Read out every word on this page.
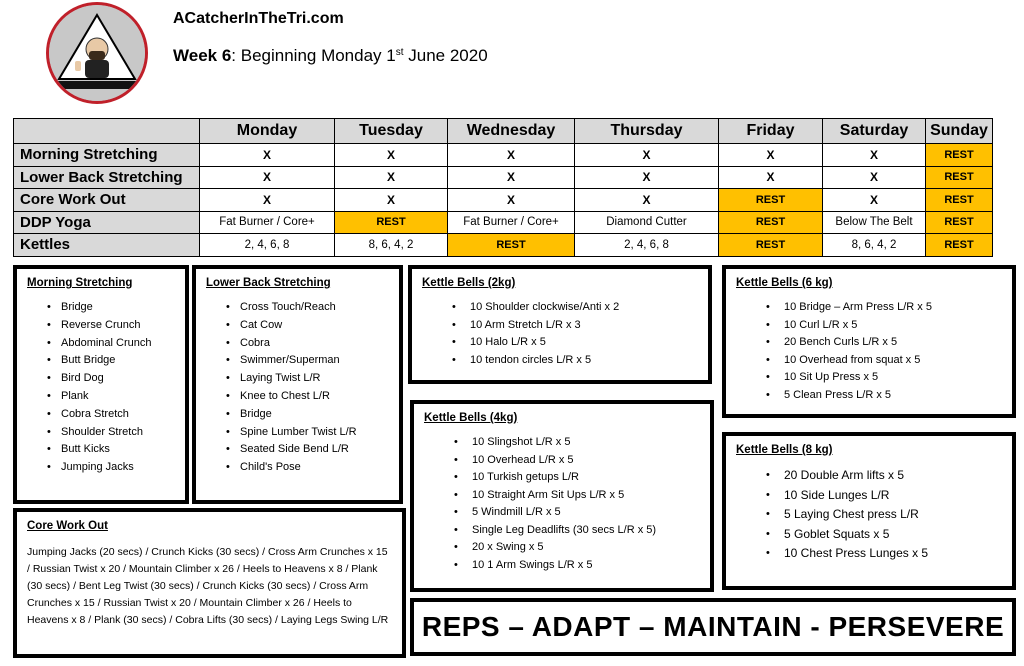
ACatcherInTheTri.com
Week 6: Beginning Monday 1st June 2020
	Monday	Tuesday	Wednesday	Thursday	Friday	Saturday	Sunday
Morning Stretching	X	X	X	X	X	X	REST
Lower Back Stretching	X	X	X	X	X	X	REST
Core Work Out	X	X	X	X	REST	X	REST
DDP Yoga	Fat Burner / Core+	REST	Fat Burner / Core+	Diamond Cutter	REST	Below The Belt	REST
Kettles	2, 4, 6, 8	8, 6, 4, 2	REST	2, 4, 6, 8	REST	8, 6, 4, 2	REST
Morning Stretching
• Bridge
• Reverse Crunch
• Abdominal Crunch
• Butt Bridge
• Bird Dog
• Plank
• Cobra Stretch
• Shoulder Stretch
• Butt Kicks
• Jumping Jacks
Lower Back Stretching
• Cross Touch/Reach
• Cat Cow
• Cobra
• Swimmer/Superman
• Laying Twist L/R
• Knee to Chest L/R
• Bridge
• Spine Lumber Twist L/R
• Seated Side Bend L/R
• Child's Pose
Core Work Out
Jumping Jacks (20 secs) / Crunch Kicks (30 secs) / Cross Arm Crunches x 15 / Russian Twist x 20 / Mountain Climber x 26 / Heels to Heavens x 8 / Plank (30 secs) / Bent Leg Twist (30 secs) / Crunch Kicks (30 secs) / Cross Arm Crunches x 15 / Russian Twist x 20 / Mountain Climber x 26 / Heels to Heavens x 8 / Plank (30 secs) / Cobra Lifts (30 secs) / Laying Legs Swing L/R
Kettle Bells (2kg)
• 10 Shoulder clockwise/Anti x 2
• 10 Arm Stretch L/R x 3
• 10 Halo L/R x 5
• 10 tendon circles L/R x 5
Kettle Bells (4kg)
• 10 Slingshot L/R x 5
• 10 Overhead L/R x 5
• 10 Turkish getups L/R
• 10 Straight Arm Sit Ups L/R x 5
• 5 Windmill L/R x 5
• Single Leg Deadlifts (30 secs L/R x 5)
• 20 x Swing x 5
• 10 1 Arm Swings L/R x 5
Kettle Bells (6 kg)
• 10 Bridge – Arm Press L/R x 5
• 10 Curl L/R x 5
• 20 Bench Curls L/R x 5
• 10 Overhead from squat x 5
• 10 Sit Up Press x 5
• 5 Clean Press L/R x 5
Kettle Bells (8 kg)
• 20 Double Arm lifts x 5
• 10 Side Lunges L/R
• 5 Laying Chest press L/R
• 5 Goblet Squats x 5
• 10 Chest Press Lunges x 5
REPS – ADAPT – MAINTAIN - PERSEVERE
